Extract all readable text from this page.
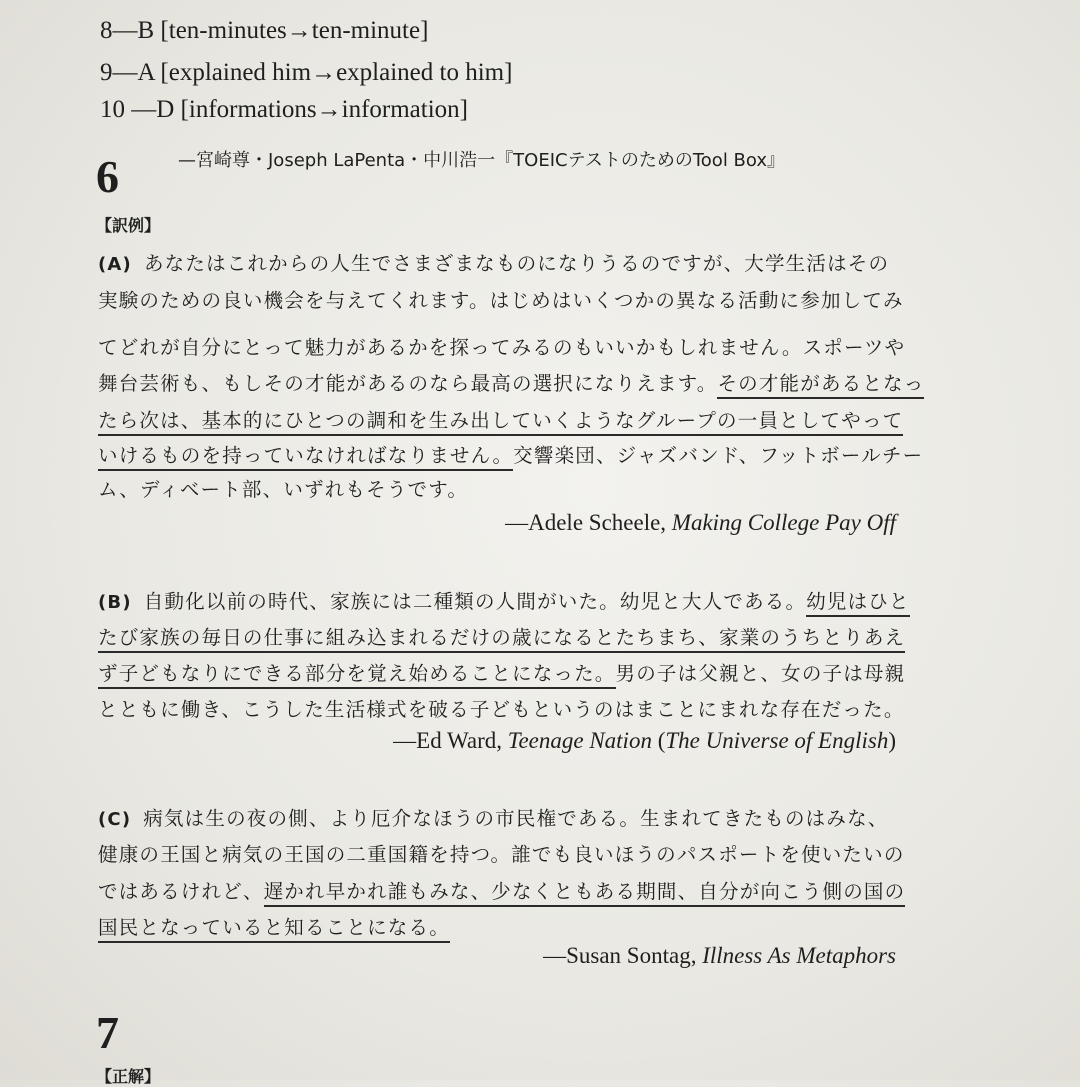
8—B [ten-minutes→ten-minute]
9—A [explained him→explained to him]
10 —D [informations→information]
—宮崎尊・Joseph LaPenta・中川浩一『TOEICテストのためのTool Box』
6
【訳例】
(A) あなたはこれからの人生でさまざまなものになりうるのですが、大学生活はその
実験のための良い機会を与えてくれます。はじめはいくつかの異なる活動に参加してみ
てどれが自分にとって魅力があるかを探ってみるのもいいかもしれません。スポーツや
舞台芸術も、もしその才能があるのなら最高の選択になりえます。その才能があるとなっ
たら次は、基本的にひとつの調和を生み出していくようなグループの一員としてやって
いけるものを持っていなければなりません。交響楽団、ジャズバンド、フットボールチー
ム、ディベート部、いずれもそうです。
—Adele Scheele, Making College Pay Off
(B) 自動化以前の時代、家族には二種類の人間がいた。幼児と大人である。幼児はひと
たび家族の毎日の仕事に組み込まれるだけの歳になるとたちまち、家業のうちとりあえ
ず子どもなりにできる部分を覚え始めることになった。男の子は父親と、女の子は母親
とともに働き、こうした生活様式を破る子どもというのはまことにまれな存在だった。
—Ed Ward, Teenage Nation (The Universe of English)
(C) 病気は生の夜の側、より厄介なほうの市民権である。生まれてきたものはみな、
健康の王国と病気の王国の二重国籍を持つ。誰でも良いほうのパスポートを使いたいの
ではあるけれど、遅かれ早かれ誰もみな、少なくともある期間、自分が向こう側の国の
国民となっていると知ることになる。
—Susan Sontag, Illness As Metaphors
7
【正解】
